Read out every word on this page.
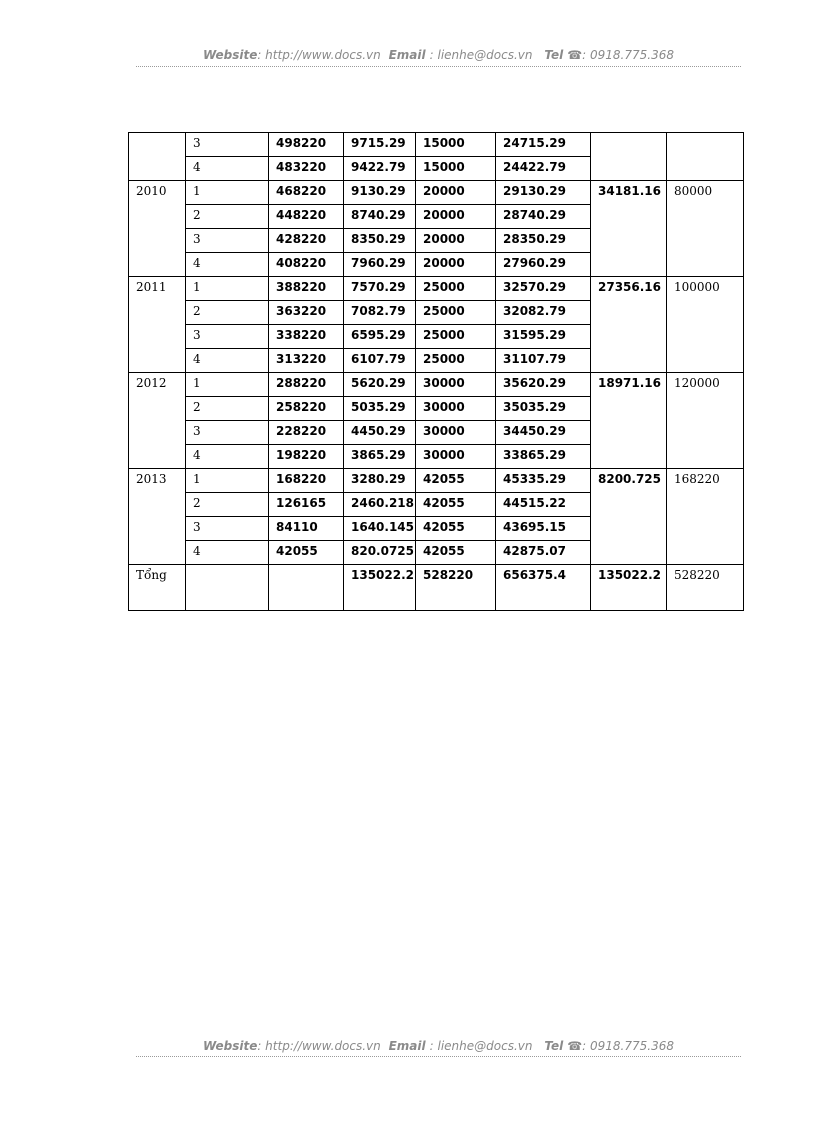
Website: http://www.docs.vn Email : lienhe@docs.vn Tel ☎: 0918.775.368
	3	498220	9715.29	15000	24715.29		
	4	483220	9422.79	15000	24422.79		
2010	1	468220	9130.29	20000	29130.29	34181.16	80000
	2	448220	8740.29	20000	28740.29		
	3	428220	8350.29	20000	28350.29		
	4	408220	7960.29	20000	27960.29		
2011	1	388220	7570.29	25000	32570.29	27356.16	100000
	2	363220	7082.79	25000	32082.79		
	3	338220	6595.29	25000	31595.29		
	4	313220	6107.79	25000	31107.79		
2012	1	288220	5620.29	30000	35620.29	18971.16	120000
	2	258220	5035.29	30000	35035.29		
	3	228220	4450.29	30000	34450.29		
	4	198220	3865.29	30000	33865.29		
2013	1	168220	3280.29	42055	45335.29	8200.725	168220
	2	126165	2460.218	42055	44515.22		
	3	84110	1640.145	42055	43695.15		
	4	42055	820.0725	42055	42875.07		
Tổng			135022.2	528220	656375.4	135022.2	528220
Website: http://www.docs.vn Email : lienhe@docs.vn Tel ☎: 0918.775.368
